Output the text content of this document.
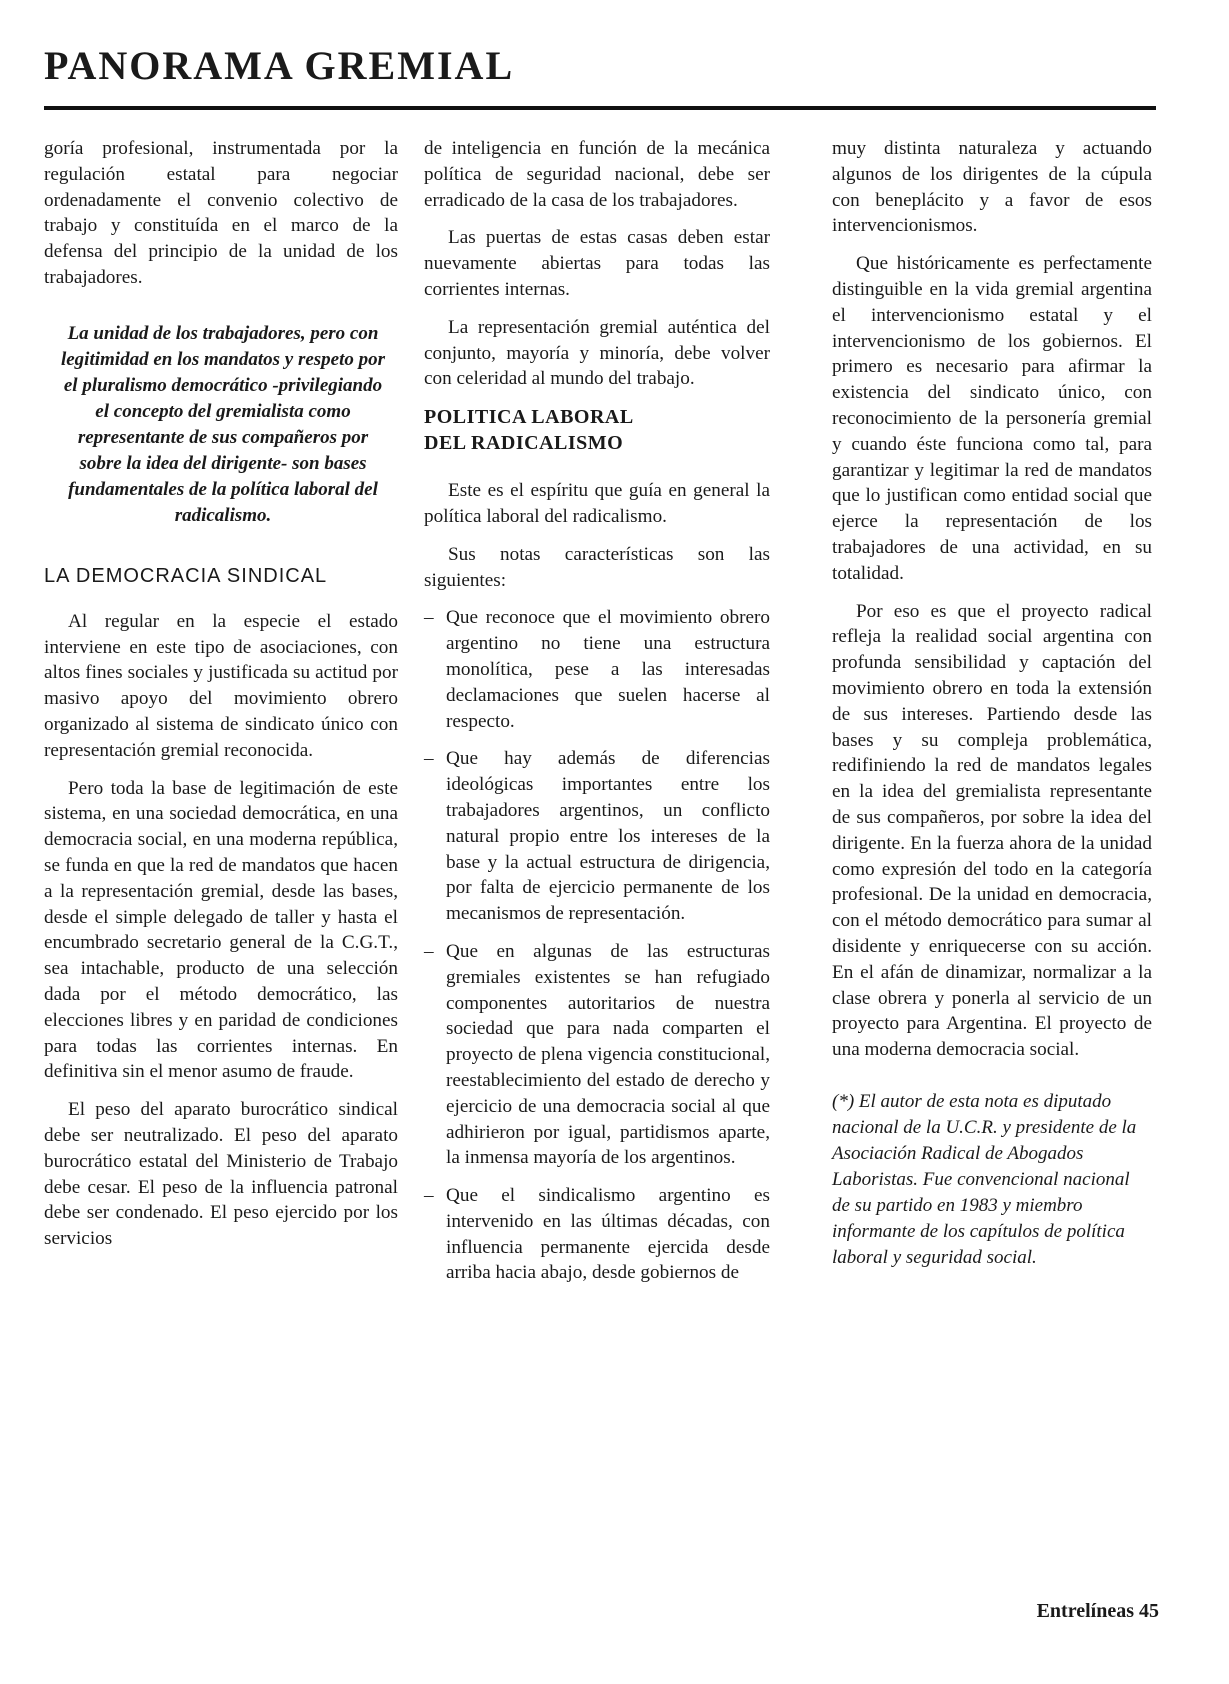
PANORAMA GREMIAL

goría profesional, instrumentada por la regulación estatal para negociar ordenadamente el convenio colectivo de trabajo y constituída en el marco de la defensa del principio de la unidad de los trabajadores.

La unidad de los trabajadores, pero con legitimidad en los mandatos y respeto por el pluralismo democrático -privilegiando el concepto del gremialista como representante de sus compañeros por sobre la idea del dirigente- son bases fundamentales de la política laboral del radicalismo.

LA DEMOCRACIA SINDICAL

Al regular en la especie el estado interviene en este tipo de asociaciones, con altos fines sociales y justificada su actitud por masivo apoyo del movimiento obrero organizado al sistema de sindicato único con representación gremial reconocida.

Pero toda la base de legitimación de este sistema, en una sociedad democrática, en una democracia social, en una moderna república, se funda en que la red de mandatos que hacen a la representación gremial, desde las bases, desde el simple delegado de taller y hasta el encumbrado secretario general de la C.G.T., sea intachable, producto de una selección dada por el método democrático, las elecciones libres y en paridad de condiciones para todas las corrientes internas. En definitiva sin el menor asumo de fraude.

El peso del aparato burocrático sindical debe ser neutralizado. El peso del aparato burocrático estatal del Ministerio de Trabajo debe cesar. El peso de la influencia patronal debe ser condenado. El peso ejercido por los servicios

de inteligencia en función de la mecánica política de seguridad nacional, debe ser erradicado de la casa de los trabajadores.

Las puertas de estas casas deben estar nuevamente abiertas para todas las corrientes internas.

La representación gremial auténtica del conjunto, mayoría y minoría, debe volver con celeridad al mundo del trabajo.

POLITICA LABORAL
DEL RADICALISMO

Este es el espíritu que guía en general la política laboral del radicalismo.

Sus notas características son las siguientes:

– Que reconoce que el movimiento obrero argentino no tiene una estructura monolítica, pese a las interesadas declamaciones que suelen hacerse al respecto.
– Que hay además de diferencias ideológicas importantes entre los trabajadores argentinos, un conflicto natural propio entre los intereses de la base y la actual estructura de dirigencia, por falta de ejercicio permanente de los mecanismos de representación.
– Que en algunas de las estructuras gremiales existentes se han refugiado componentes autoritarios de nuestra sociedad que para nada comparten el proyecto de plena vigencia constitucional, reestablecimiento del estado de derecho y ejercicio de una democracia social al que adhirieron por igual, partidismos aparte, la inmensa mayoría de los argentinos.
– Que el sindicalismo argentino es intervenido en las últimas décadas, con influencia permanente ejercida desde arriba hacia abajo, desde gobiernos de

muy distinta naturaleza y actuando algunos de los dirigentes de la cúpula con beneplácito y a favor de esos intervencionismos.

Que históricamente es perfectamente distinguible en la vida gremial argentina el intervencionismo estatal y el intervencionismo de los gobiernos. El primero es necesario para afirmar la existencia del sindicato único, con reconocimiento de la personería gremial y cuando éste funciona como tal, para garantizar y legitimar la red de mandatos que lo justifican como entidad social que ejerce la representación de los trabajadores de una actividad, en su totalidad.

Por eso es que el proyecto radical refleja la realidad social argentina con profunda sensibilidad y captación del movimiento obrero en toda la extensión de sus intereses. Partiendo desde las bases y su compleja problemática, redifiniendo la red de mandatos legales en la idea del gremialista representante de sus compañeros, por sobre la idea del dirigente. En la fuerza ahora de la unidad como expresión del todo en la categoría profesional. De la unidad en democracia, con el método democrático para sumar al disidente y enriquecerse con su acción. En el afán de dinamizar, normalizar a la clase obrera y ponerla al servicio de un proyecto para Argentina. El proyecto de una moderna democracia social.

(*) El autor de esta nota es diputado nacional de la U.C.R. y presidente de la Asociación Radical de Abogados Laboristas. Fue convencional nacional de su partido en 1983 y miembro informante de los capítulos de política laboral y seguridad social.

Entrelíneas 45
